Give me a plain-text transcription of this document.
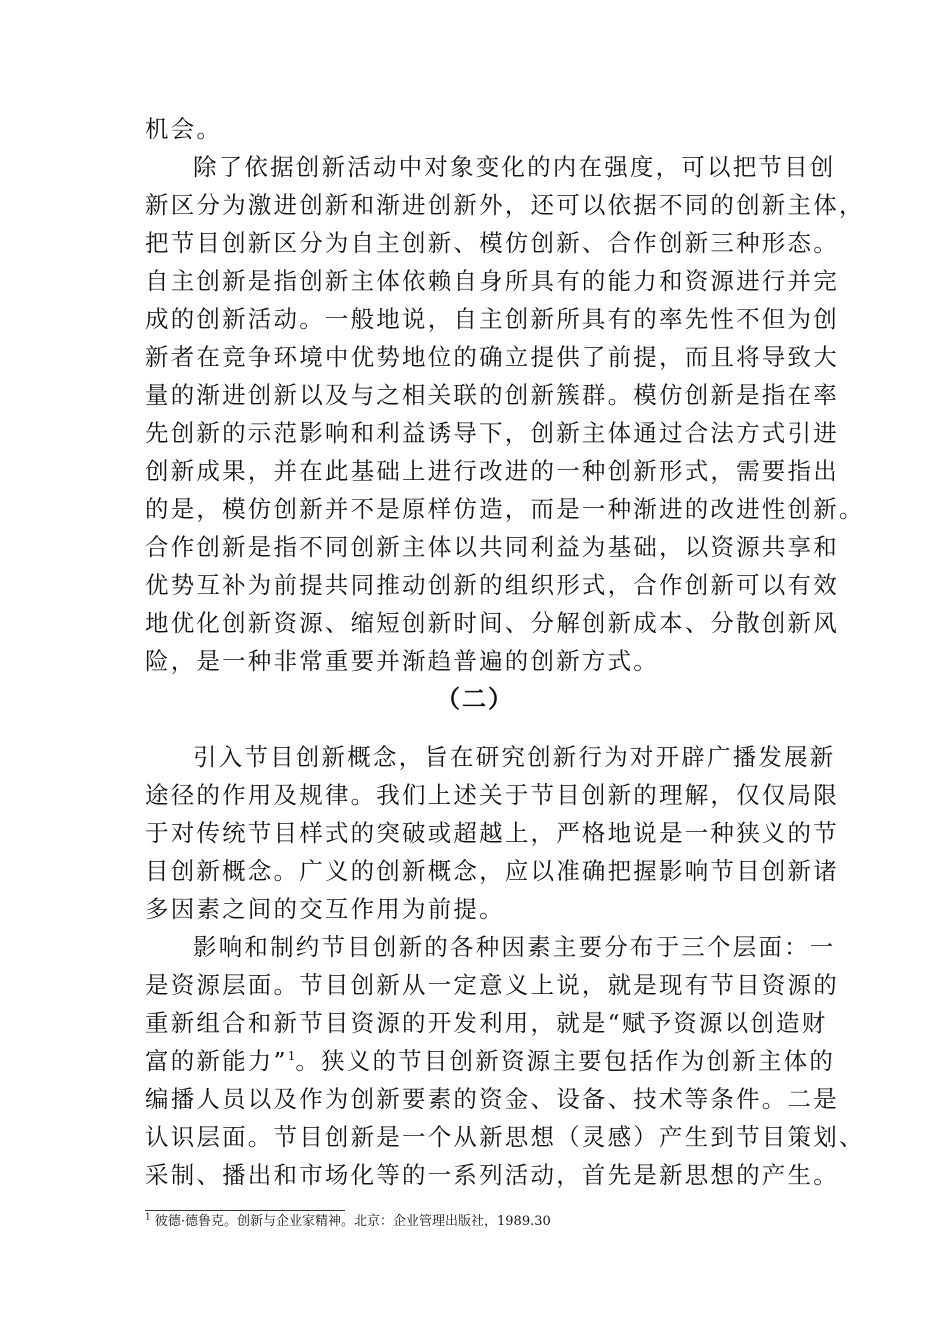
机会。
除了依据创新活动中对象变化的内在强度，可以把节目创
新区分为激进创新和渐进创新外，还可以依据不同的创新主体，
把节目创新区分为自主创新、模仿创新、合作创新三种形态。
自主创新是指创新主体依赖自身所具有的能力和资源进行并完
成的创新活动。一般地说，自主创新所具有的率先性不但为创
新者在竞争环境中优势地位的确立提供了前提，而且将导致大
量的渐进创新以及与之相关联的创新簇群。模仿创新是指在率
先创新的示范影响和利益诱导下，创新主体通过合法方式引进
创新成果，并在此基础上进行改进的一种创新形式，需要指出
的是，模仿创新并不是原样仿造，而是一种渐进的改进性创新。
合作创新是指不同创新主体以共同利益为基础，以资源共享和
优势互补为前提共同推动创新的组织形式，合作创新可以有效
地优化创新资源、缩短创新时间、分解创新成本、分散创新风
险，是一种非常重要并渐趋普遍的创新方式。
（二）
引入节目创新概念，旨在研究创新行为对开辟广播发展新
途径的作用及规律。我们上述关于节目创新的理解，仅仅局限
于对传统节目样式的突破或超越上，严格地说是一种狭义的节
目创新概念。广义的创新概念，应以准确把握影响节目创新诸
多因素之间的交互作用为前提。
影响和制约节目创新的各种因素主要分布于三个层面：一
是资源层面。节目创新从一定意义上说，就是现有节目资源的
重新组合和新节目资源的开发利用，就是“赋予资源以创造财
富的新能力”$^1$。狭义的节目创新资源主要包括作为创新主体的
编播人员以及作为创新要素的资金、设备、技术等条件。二是
认识层面。节目创新是一个从新思想（灵感）产生到节目策划、
采制、播出和市场化等的一系列活动，首先是新思想的产生。
$^1$ 彼德·德鲁克。创新与企业家精神。北京：企业管理出版社，1989.30
